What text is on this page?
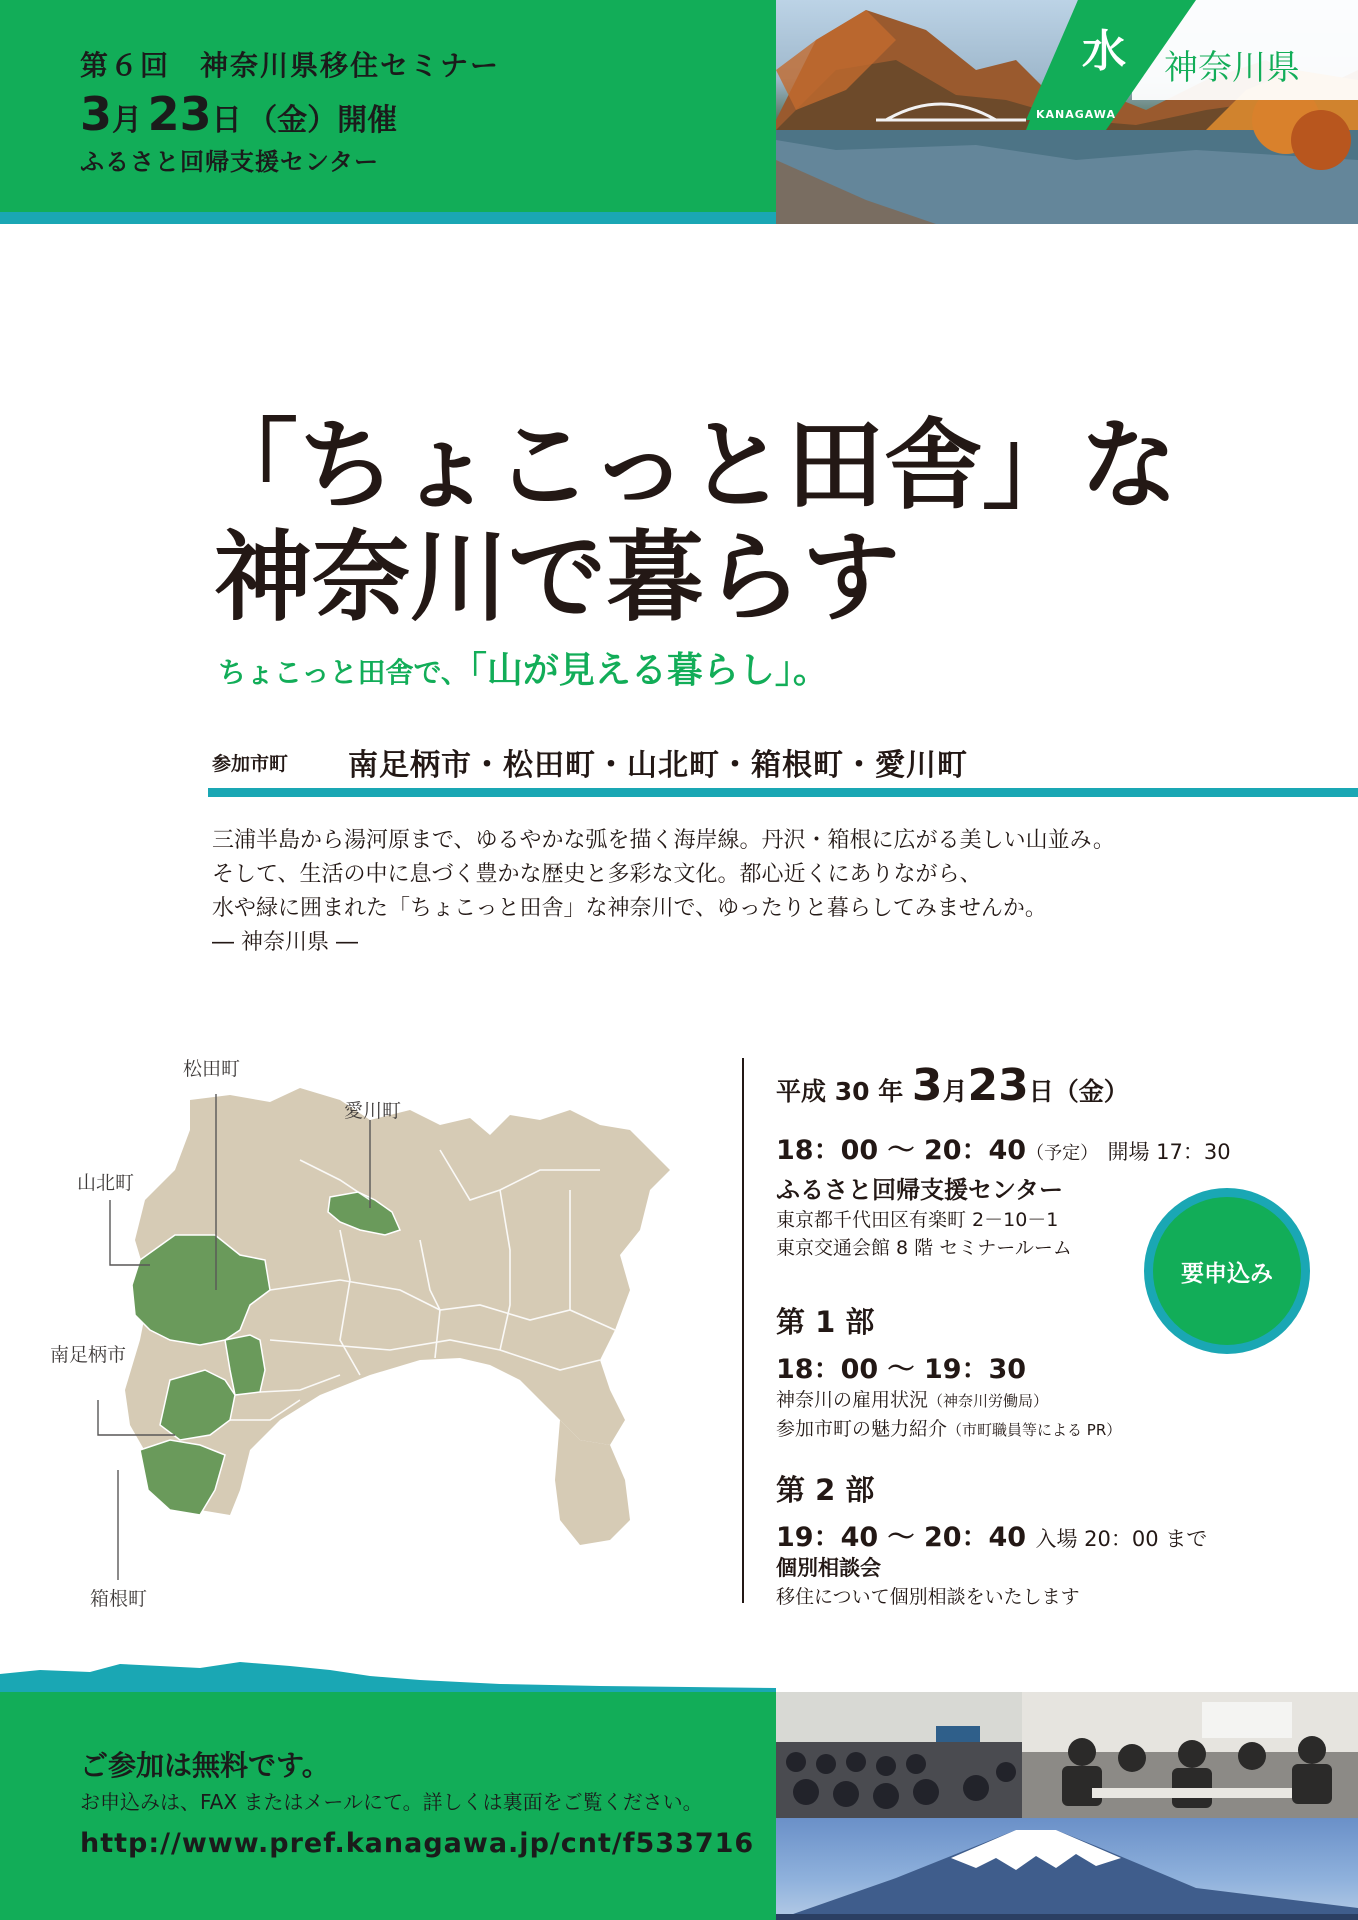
第６回　神奈川県移住セミナー
3月 23日 （金）開催
ふるさと回帰支援センター
⽔ 神奈川県
KANAGAWA
「ちょこっと田舎」な
神奈川で暮らす
ちょこっと田舎で、「山が見える暮らし」。
参加市町 南足柄市・松田町・山北町・箱根町・愛川町
三浦半島から湯河原まで、ゆるやかな弧を描く海岸線。丹沢・箱根に広がる美しい山並み。
そして、生活の中に息づく豊かな歴史と多彩な文化。都心近くにありながら、
水や緑に囲まれた「ちょこっと田舎」な神奈川で、ゆったりと暮らしてみませんか。
― 神奈川県 ―
松田町
愛川町
山北町
南足柄市
箱根町
平成 30 年 3月23日（金）
18：00 ～ 20：40（予定） 開場 17：30
ふるさと回帰支援センター
東京都千代田区有楽町 2－10－1
東京交通会館 8 階 セミナールーム
要申込み
第 1 部
18：00 ～ 19：30
神奈川の雇用状況（神奈川労働局）
参加市町の魅力紹介（市町職員等による PR）
第 2 部
19：40 ～ 20：40 入場 20：00 まで
個別相談会
移住について個別相談をいたします
ご参加は無料です。
お申込みは、FAX またはメールにて。詳しくは裏面をご覧ください。
http://www.pref.kanagawa.jp/cnt/f533716
